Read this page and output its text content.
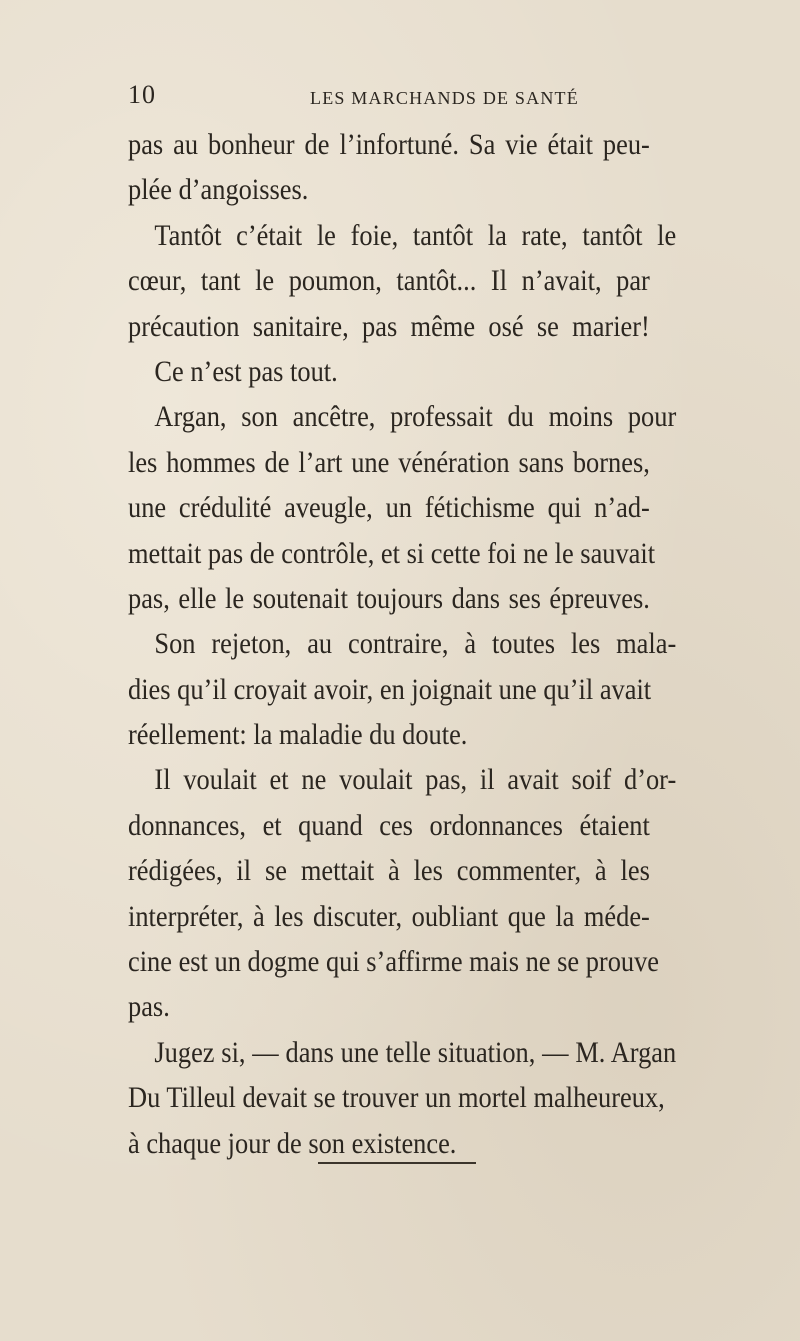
10	LES MARCHANDS DE SANTÉ
pas au bonheur de l’infortuné. Sa vie était peu-
plée d’angoisses.
Tantôt c’était le foie, tantôt la rate, tantôt le
cœur, tant le poumon, tantôt... Il n’avait, par
précaution sanitaire, pas même osé se marier!
Ce n’est pas tout.
Argan, son ancêtre, professait du moins pour
les hommes de l’art une vénération sans bornes,
une crédulité aveugle, un fétichisme qui n’ad-
mettait pas de contrôle, et si cette foi ne le sauvait
pas, elle le soutenait toujours dans ses épreuves.
Son rejeton, au contraire, à toutes les mala-
dies qu’il croyait avoir, en joignait une qu’il avait
réellement: la maladie du doute.
Il voulait et ne voulait pas, il avait soif d’or-
donnances, et quand ces ordonnances étaient
rédigées, il se mettait à les commenter, à les
interpréter, à les discuter, oubliant que la méde-
cine est un dogme qui s’affirme mais ne se prouve
pas.
Jugez si, — dans une telle situation, — M. Argan
Du Tilleul devait se trouver un mortel malheureux,
à chaque jour de son existence.
